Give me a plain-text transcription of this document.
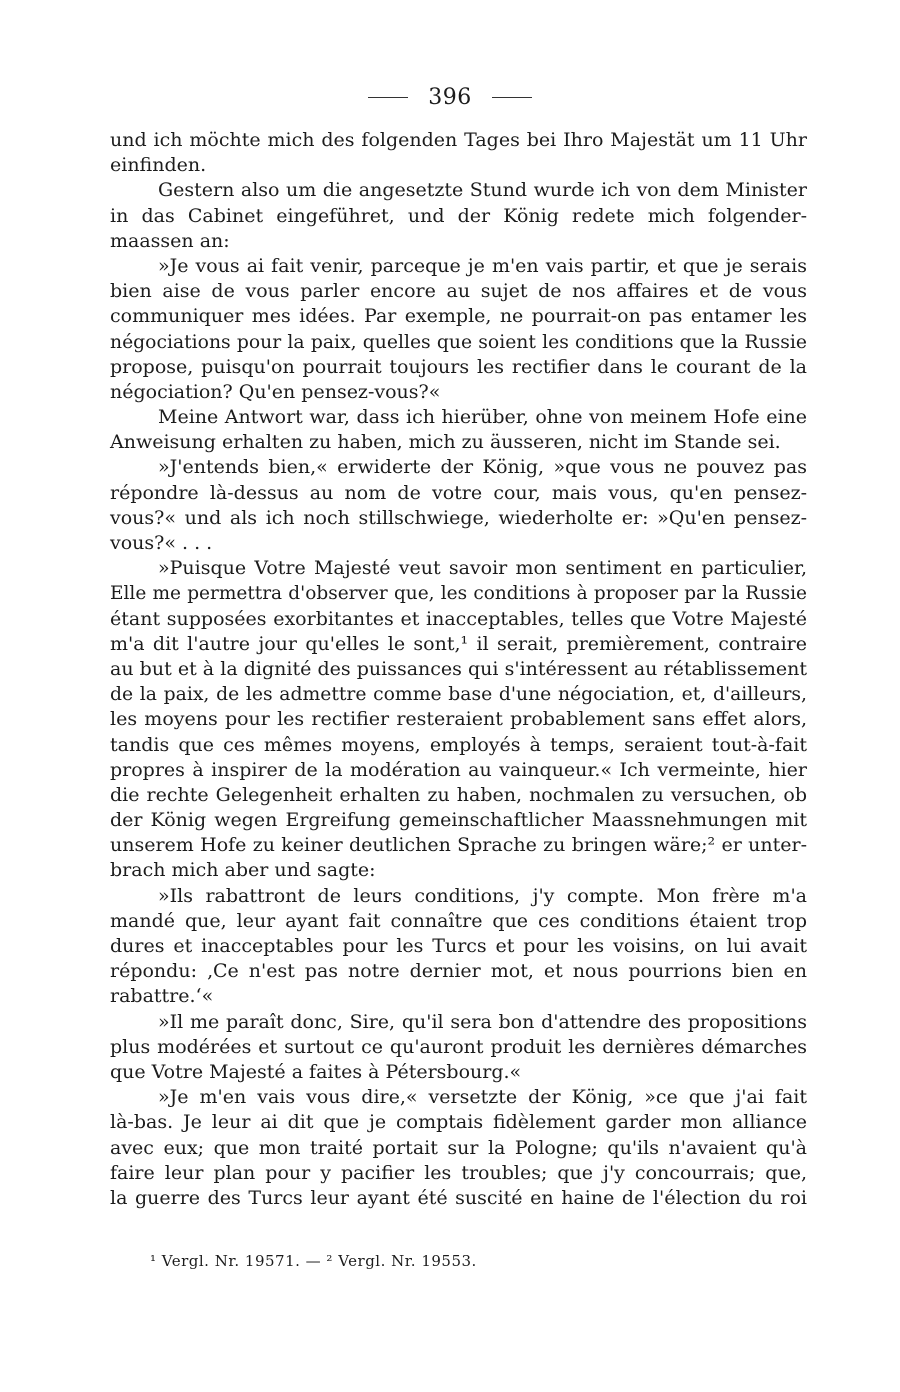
396
und ich möchte mich des folgenden Tages bei Ihro Majestät um 11 Uhr
einfinden.
Gestern also um die angesetzte Stund wurde ich von dem Minister
in das Cabinet eingeführet, und der König redete mich folgender-
maassen an:
»Je vous ai fait venir, parceque je m'en vais partir, et que je serais
bien aise de vous parler encore au sujet de nos affaires et de vous
communiquer mes idées. Par exemple, ne pourrait-on pas entamer les
négociations pour la paix, quelles que soient les conditions que la Russie
propose, puisqu'on pourrait toujours les rectifier dans le courant de la
négociation? Qu'en pensez-vous?«
Meine Antwort war, dass ich hierüber, ohne von meinem Hofe eine
Anweisung erhalten zu haben, mich zu äusseren, nicht im Stande sei.
»J'entends bien,« erwiderte der König, »que vous ne pouvez pas
répondre là-dessus au nom de votre cour, mais vous, qu'en pensez-
vous?« und als ich noch stillschwiege, wiederholte er: »Qu'en pensez-
vous?« . . .
»Puisque Votre Majesté veut savoir mon sentiment en particulier,
Elle me permettra d'observer que, les conditions à proposer par la Russie
étant supposées exorbitantes et inacceptables, telles que Votre Majesté
m'a dit l'autre jour qu'elles le sont,¹ il serait, premièrement, contraire
au but et à la dignité des puissances qui s'intéressent au rétablissement
de la paix, de les admettre comme base d'une négociation, et, d'ailleurs,
les moyens pour les rectifier resteraient probablement sans effet alors,
tandis que ces mêmes moyens, employés à temps, seraient tout-à-fait
propres à inspirer de la modération au vainqueur.« Ich vermeinte, hier
die rechte Gelegenheit erhalten zu haben, nochmalen zu versuchen, ob
der König wegen Ergreifung gemeinschaftlicher Maassnehmungen mit
unserem Hofe zu keiner deutlichen Sprache zu bringen wäre;² er unter-
brach mich aber und sagte:
»Ils rabattront de leurs conditions, j'y compte. Mon frère m'a
mandé que, leur ayant fait connaître que ces conditions étaient trop
dures et inacceptables pour les Turcs et pour les voisins, on lui avait
répondu: ‚Ce n'est pas notre dernier mot, et nous pourrions bien en
rabattre.‘«
»Il me paraît donc, Sire, qu'il sera bon d'attendre des propositions
plus modérées et surtout ce qu'auront produit les dernières démarches
que Votre Majesté a faites à Pétersbourg.«
»Je m'en vais vous dire,« versetzte der König, »ce que j'ai fait
là-bas. Je leur ai dit que je comptais fidèlement garder mon alliance
avec eux; que mon traité portait sur la Pologne; qu'ils n'avaient qu'à
faire leur plan pour y pacifier les troubles; que j'y concourrais; que,
la guerre des Turcs leur ayant été suscité en haine de l'élection du roi
¹ Vergl. Nr. 19571. — ² Vergl. Nr. 19553.
